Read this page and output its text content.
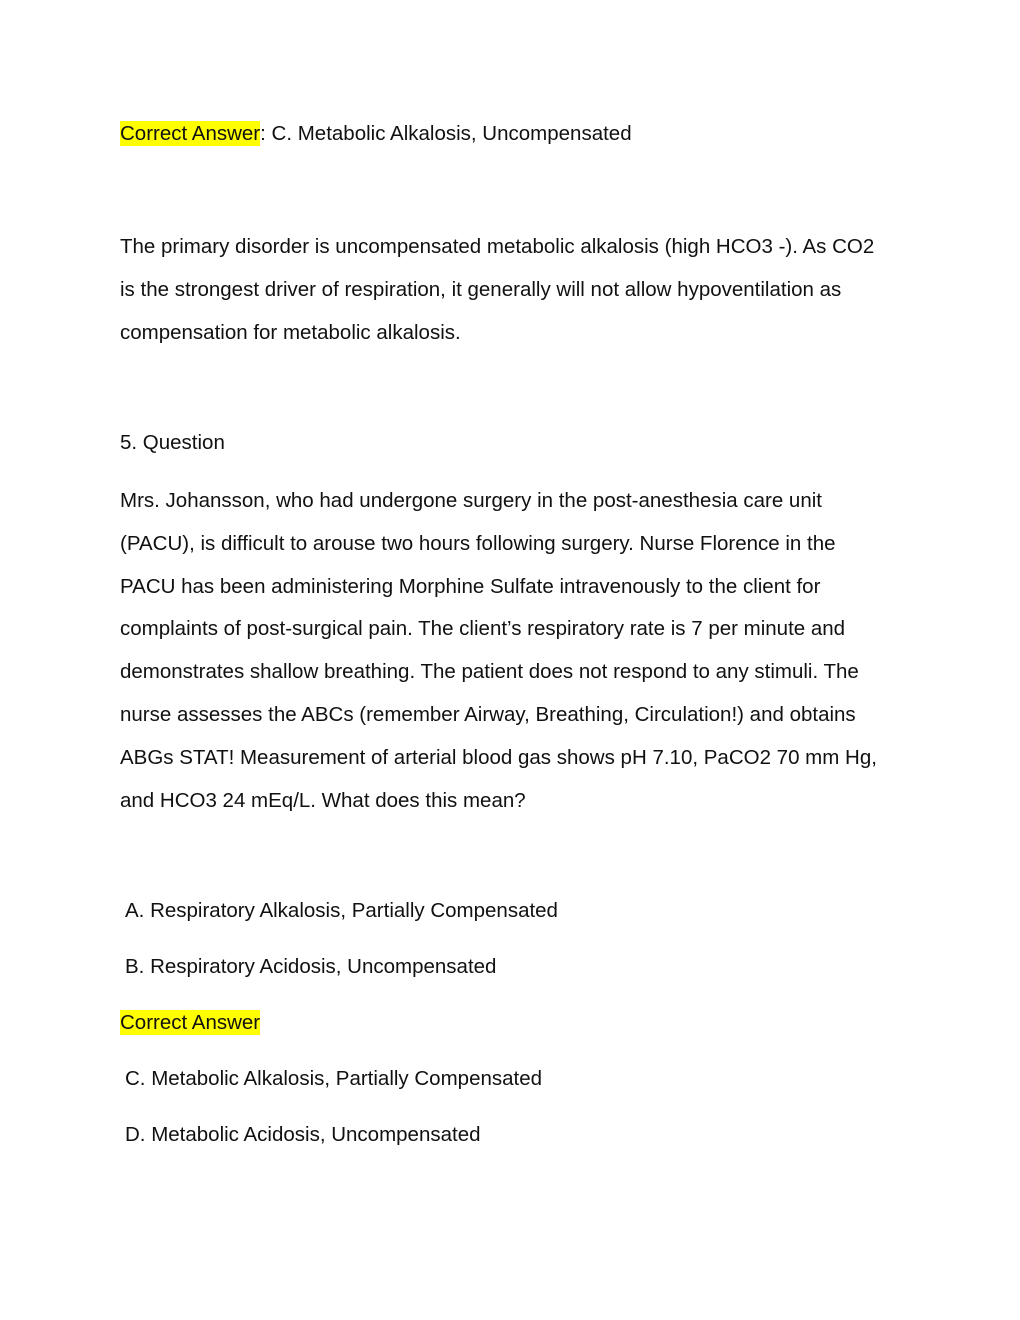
Correct Answer: C. Metabolic Alkalosis, Uncompensated
The primary disorder is uncompensated metabolic alkalosis (high HCO3 -). As CO2
is the strongest driver of respiration, it generally will not allow hypoventilation as
compensation for metabolic alkalosis.
5. Question
Mrs. Johansson, who had undergone surgery in the post-anesthesia care unit
(PACU), is difficult to arouse two hours following surgery. Nurse Florence in the
PACU has been administering Morphine Sulfate intravenously to the client for
complaints of post-surgical pain. The client’s respiratory rate is 7 per minute and
demonstrates shallow breathing. The patient does not respond to any stimuli. The
nurse assesses the ABCs (remember Airway, Breathing, Circulation!) and obtains
ABGs STAT! Measurement of arterial blood gas shows pH 7.10, PaCO2 70 mm Hg,
and HCO3 24 mEq/L. What does this mean?
A. Respiratory Alkalosis, Partially Compensated
B. Respiratory Acidosis, Uncompensated
Correct Answer
C. Metabolic Alkalosis, Partially Compensated
D. Metabolic Acidosis, Uncompensated
